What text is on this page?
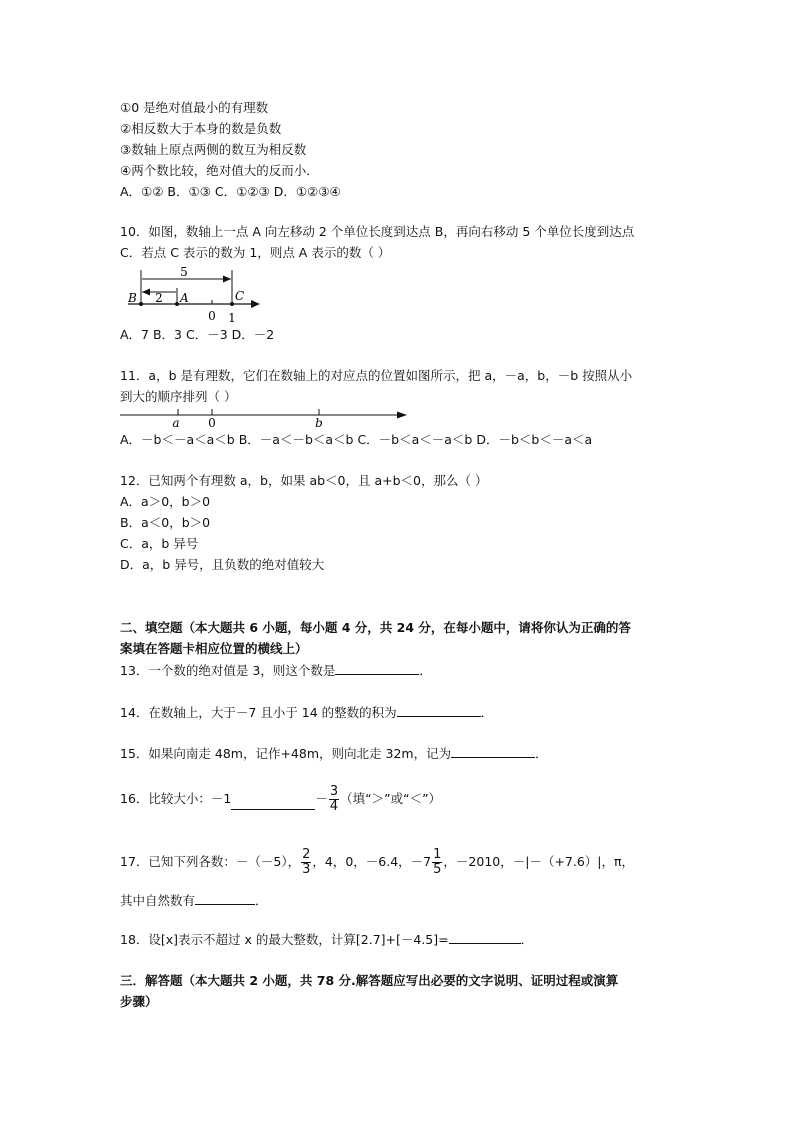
①0 是绝对值最小的有理数
②相反数大于本身的数是负数
③数轴上原点两侧的数互为相反数
④两个数比较，绝对值大的反而小．
A．①② B．①③ C．①②③ D．①②③④
10．如图，数轴上一点 A 向左移动 2 个单位长度到达点 B，再向右移动 5 个单位长度到达点
C．若点 C 表示的数为 1，则点 A 表示的数（ ）
5
2
B	A	C
0 1
A．7 B．3 C．－3 D．－2
11．a，b 是有理数，它们在数轴上的对应点的位置如图所示，把 a，－a，b，－b 按照从小
到大的顺序排列（ ）
a 0	b
A．－b＜－a＜a＜b B．－a＜－b＜a＜b C．－b＜a＜－a＜b D．－b＜b＜－a＜a
12．已知两个有理数 a，b，如果 ab＜0，且 a+b＜0，那么（ ）
A．a＞0，b＞0
B．a＜0，b＞0
C．a，b 异号
D．a，b 异号，且负数的绝对值较大
二、填空题（本大题共 6 小题，每小题 4 分，共 24 分，在每小题中，请将你认为正确的答
案填在答题卡相应位置的横线上）
13．一个数的绝对值是 3，则这个数是	．
14．在数轴上，大于－7 且小于 14 的整数的积为	．
15．如果向南走 48m，记作+48m，则向北走 32m，记为	．
16．比较大小：－1	－ $\frac{3}{4}$ （填“＞”或“＜”）
17．已知下列各数：－（－5）， $\frac{2}{3}$ ，4，0，－6.4，$-7 \frac{1}{5}$ ，－2010，－|－（+7.6）|，π，
其中自然数有	．
18．设[x]表示不超过 x 的最大整数，计算[2.7]+[－4.5]=	．
三．解答题（本大题共 2 小题，共 78 分.解答题应写出必要的文字说明、证明过程或演算
步骤）
